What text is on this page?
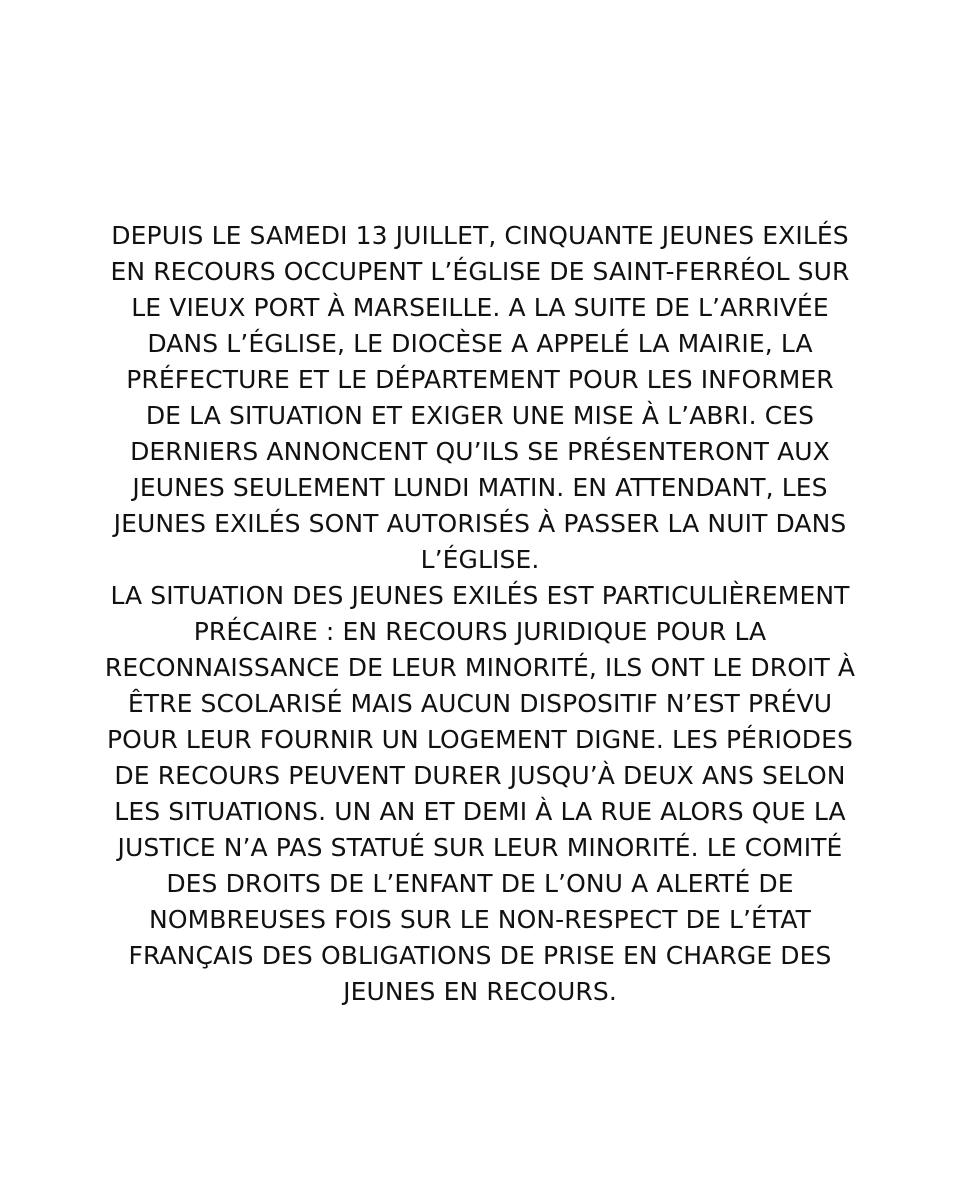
DEPUIS LE SAMEDI 13 JUILLET, CINQUANTE JEUNES EXILÉS
EN RECOURS OCCUPENT L’ÉGLISE DE SAINT-FERRÉOL SUR
LE VIEUX PORT À MARSEILLE. A LA SUITE DE L’ARRIVÉE
DANS L’ÉGLISE, LE DIOCÈSE A APPELÉ LA MAIRIE, LA
PRÉFECTURE ET LE DÉPARTEMENT POUR LES INFORMER
DE LA SITUATION ET EXIGER UNE MISE À L’ABRI. CES
DERNIERS ANNONCENT QU’ILS SE PRÉSENTERONT AUX
JEUNES SEULEMENT LUNDI MATIN. EN ATTENDANT, LES
JEUNES EXILÉS SONT AUTORISÉS À PASSER LA NUIT DANS
L’ÉGLISE.
LA SITUATION DES JEUNES EXILÉS EST PARTICULIÈREMENT
PRÉCAIRE : EN RECOURS JURIDIQUE POUR LA
RECONNAISSANCE DE LEUR MINORITÉ, ILS ONT LE DROIT À
ÊTRE SCOLARISÉ MAIS AUCUN DISPOSITIF N’EST PRÉVU
POUR LEUR FOURNIR UN LOGEMENT DIGNE. LES PÉRIODES
DE RECOURS PEUVENT DURER JUSQU’À DEUX ANS SELON
LES SITUATIONS. UN AN ET DEMI À LA RUE ALORS QUE LA
JUSTICE N’A PAS STATUÉ SUR LEUR MINORITÉ. LE COMITÉ
DES DROITS DE L’ENFANT DE L’ONU A ALERTÉ DE
NOMBREUSES FOIS SUR LE NON-RESPECT DE L’ÉTAT
FRANÇAIS DES OBLIGATIONS DE PRISE EN CHARGE DES
JEUNES EN RECOURS.
